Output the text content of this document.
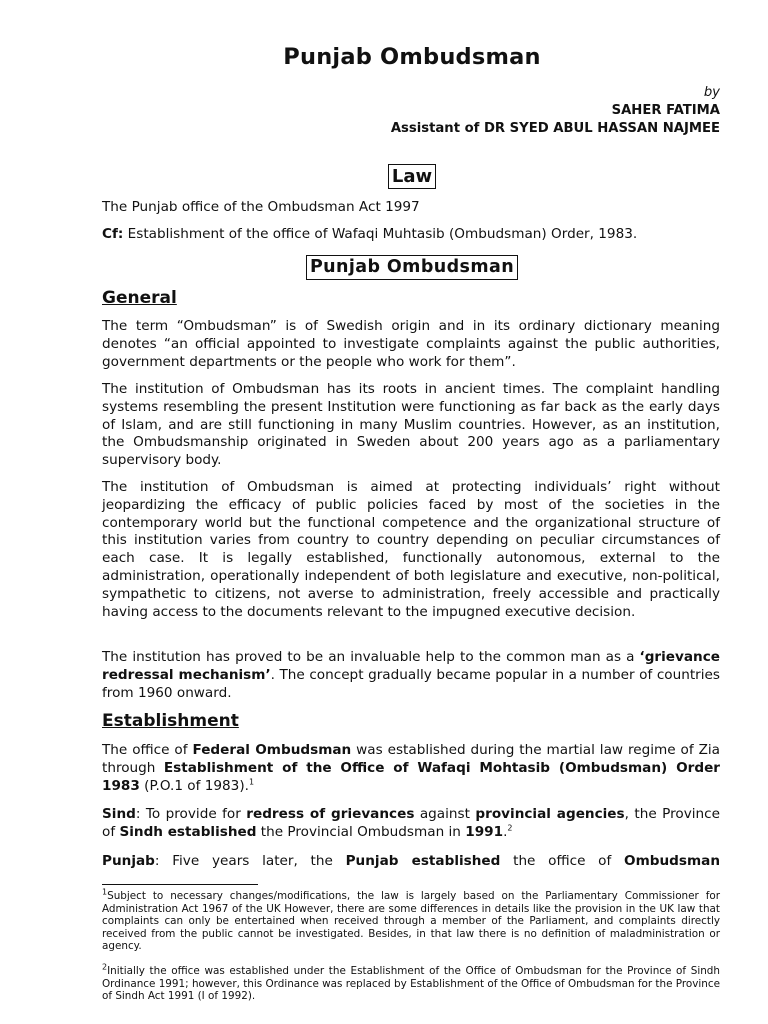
Punjab Ombudsman
by
SAHER FATIMA
Assistant of DR SYED ABUL HASSAN NAJMEE
Law
The Punjab office of the Ombudsman Act 1997
Cf: Establishment of the office of Wafaqi Muhtasib (Ombudsman) Order, 1983.
Punjab Ombudsman
General
The term “Ombudsman” is of Swedish origin and in its ordinary dictionary meaning denotes “an official appointed to investigate complaints against the public authorities, government departments or the people who work for them”.
The institution of Ombudsman has its roots in ancient times. The complaint handling systems resembling the present Institution were functioning as far back as the early days of Islam, and are still functioning in many Muslim countries. However, as an institution, the Ombudsmanship originated in Sweden about 200 years ago as a parliamentary supervisory body.
The institution of Ombudsman is aimed at protecting individuals’ right without jeopardizing the efficacy of public policies faced by most of the societies in the contemporary world but the functional competence and the organizational structure of this institution varies from country to country depending on peculiar circumstances of each case. It is legally established, functionally autonomous, external to the administration, operationally independent of both legislature and executive, non-political, sympathetic to citizens, not averse to administration, freely accessible and practically having access to the documents relevant to the impugned executive decision.
The institution has proved to be an invaluable help to the common man as a ‘grievance redressal mechanism’. The concept gradually became popular in a number of countries from 1960 onward.
Establishment
The office of Federal Ombudsman was established during the martial law regime of Zia through Establishment of the Office of Wafaqi Mohtasib (Ombudsman) Order 1983 (P.O.1 of 1983).$^1$
Sind: To provide for redress of grievances against provincial agencies, the Province of Sindh established the Provincial Ombudsman in 1991.$^2$
Punjab: Five years later, the Punjab established the office of Ombudsman
$^1$Subject to necessary changes/modifications, the law is largely based on the Parliamentary Commissioner for Administration Act 1967 of the UK However, there are some differences in details like the provision in the UK law that complaints can only be entertained when received through a member of the Parliament, and complaints directly received from the public cannot be investigated. Besides, in that law there is no definition of maladministration or agency.
$^2$Initially the office was established under the Establishment of the Office of Ombudsman for the Province of Sindh Ordinance 1991; however, this Ordinance was replaced by Establishment of the Office of Ombudsman for the Province of Sindh Act 1991 (I of 1992).
